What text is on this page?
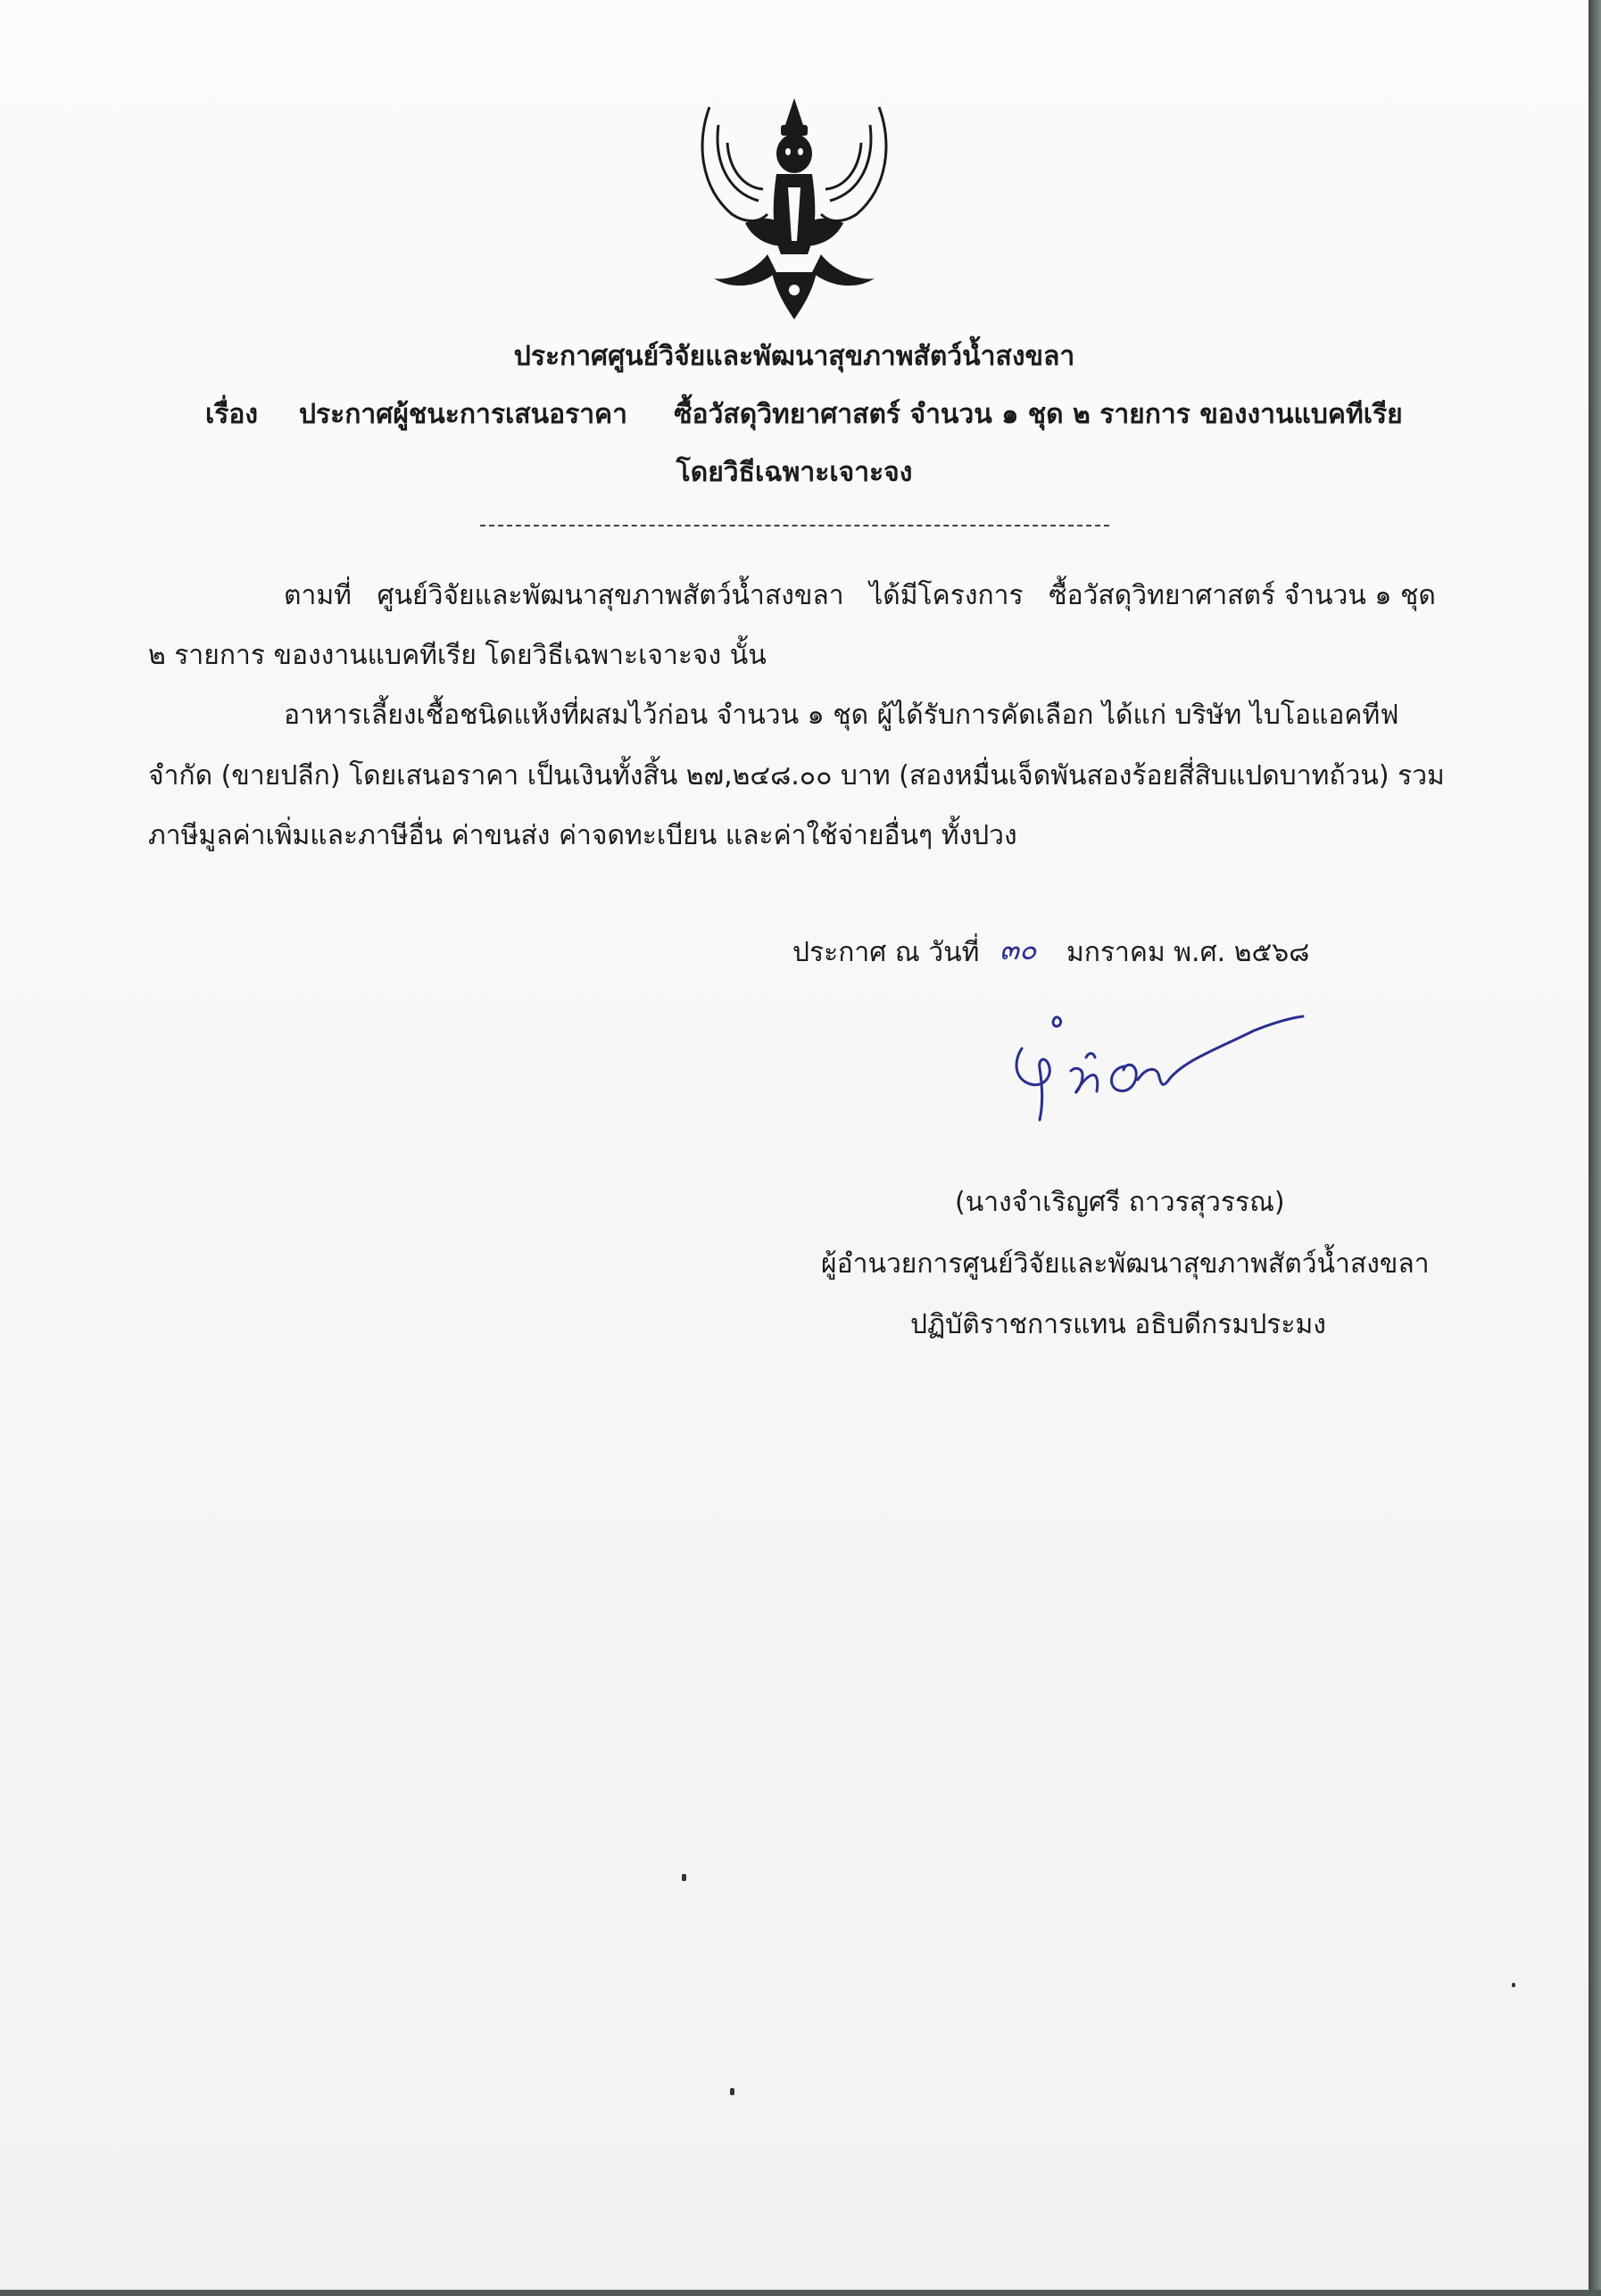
ประกาศศูนย์วิจัยและพัฒนาสุขภาพสัตว์น้ำสงขลา
เรื่อง ประกาศผู้ชนะการเสนอราคา     ซื้อวัสดุวิทยาศาสตร์ จำนวน ๑ ชุด ๒ รายการ ของงานแบคทีเรีย
โดยวิธีเฉพาะเจาะจง
ตามที่   ศูนย์วิจัยและพัฒนาสุขภาพสัตว์น้ำสงขลา   ได้มีโครงการ   ซื้อวัสดุวิทยาศาสตร์ จำนวน ๑ ชุด
๒ รายการ ของงานแบคทีเรีย โดยวิธีเฉพาะเจาะจง นั้น
อาหารเลี้ยงเชื้อชนิดแห้งที่ผสมไว้ก่อน จำนวน ๑ ชุด ผู้ได้รับการคัดเลือก ได้แก่ บริษัท ไบโอแอคทีฟ
จำกัด (ขายปลีก) โดยเสนอราคา เป็นเงินทั้งสิ้น ๒๗,๒๔๘.๐๐ บาท (สองหมื่นเจ็ดพันสองร้อยสี่สิบแปดบาทถ้วน) รวม
ภาษีมูลค่าเพิ่มและภาษีอื่น ค่าขนส่ง ค่าจดทะเบียน และค่าใช้จ่ายอื่นๆ ทั้งปวง
ประกาศ ณ วันที่ ๓๐ มกราคม พ.ศ. ๒๕๖๘
(นางจำเริญศรี ถาวรสุวรรณ)
ผู้อำนวยการศูนย์วิจัยและพัฒนาสุขภาพสัตว์น้ำสงขลา
ปฏิบัติราชการแทน อธิบดีกรมประมง
